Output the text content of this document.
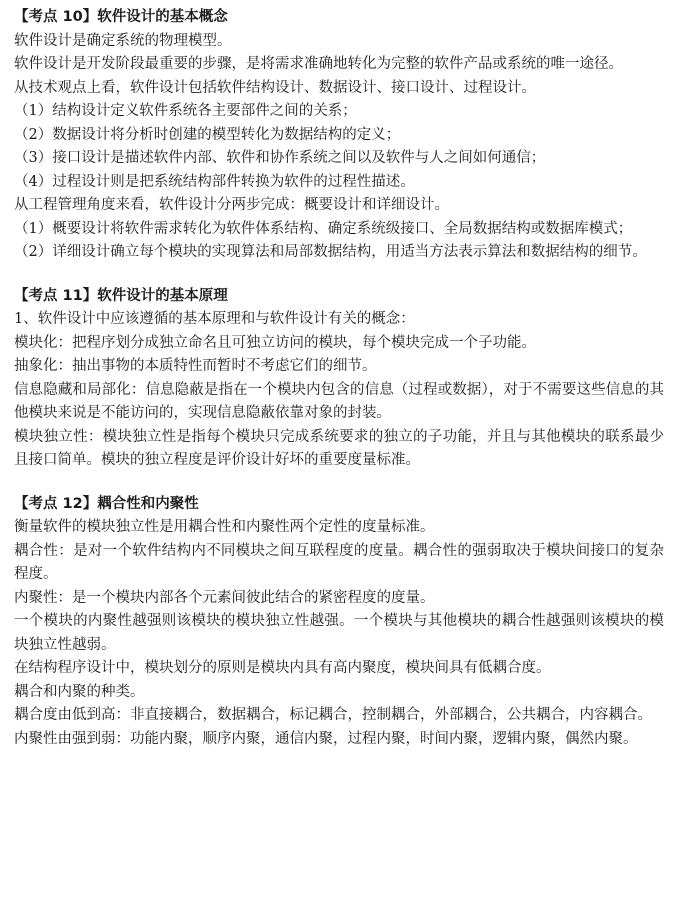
【考点 10】软件设计的基本概念

软件设计是确定系统的物理模型。

软件设计是开发阶段最重要的步骤，是将需求准确地转化为完整的软件产品或系统的唯一途径。

从技术观点上看，软件设计包括软件结构设计、数据设计、接口设计、过程设计。

（1）结构设计定义软件系统各主要部件之间的关系；

（2）数据设计将分析时创建的模型转化为数据结构的定义；

（3）接口设计是描述软件内部、软件和协作系统之间以及软件与人之间如何通信；

（4）过程设计则是把系统结构部件转换为软件的过程性描述。

从工程管理角度来看，软件设计分两步完成：概要设计和详细设计。

（1）概要设计将软件需求转化为软件体系结构、确定系统级接口、全局数据结构或数据库模式；

（2）详细设计确立每个模块的实现算法和局部数据结构，用适当方法表示算法和数据结构的细节。

【考点 11】软件设计的基本原理

1、软件设计中应该遵循的基本原理和与软件设计有关的概念：

模块化：把程序划分成独立命名且可独立访问的模块，每个模块完成一个子功能。

抽象化：抽出事物的本质特性而暂时不考虑它们的细节。

信息隐藏和局部化：信息隐蔽是指在一个模块内包含的信息（过程或数据），对于不需要这些信息的其他模块来说是不能访问的，实现信息隐蔽依靠对象的封装。

模块独立性：模块独立性是指每个模块只完成系统要求的独立的子功能，并且与其他模块的联系最少且接口简单。模块的独立程度是评价设计好坏的重要度量标准。

【考点 12】耦合性和内聚性

衡量软件的模块独立性是用耦合性和内聚性两个定性的度量标准。

耦合性：是对一个软件结构内不同模块之间互联程度的度量。耦合性的强弱取决于模块间接口的复杂程度。

内聚性：是一个模块内部各个元素间彼此结合的紧密程度的度量。

一个模块的内聚性越强则该模块的模块独立性越强。一个模块与其他模块的耦合性越强则该模块的模块独立性越弱。

在结构程序设计中，模块划分的原则是模块内具有高内聚度，模块间具有低耦合度。

耦合和内聚的种类。

耦合度由低到高：非直接耦合，数据耦合，标记耦合，控制耦合，外部耦合，公共耦合，内容耦合。

内聚性由强到弱：功能内聚，顺序内聚，通信内聚，过程内聚，时间内聚，逻辑内聚，偶然内聚。
